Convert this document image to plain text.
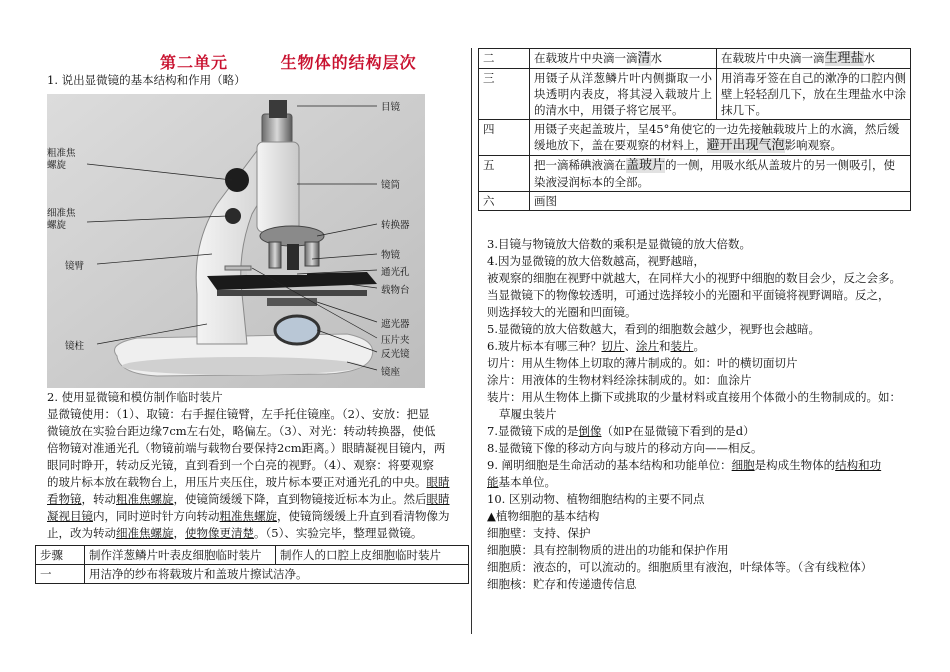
第二单元        生物体的结构层次
1. 说出显微镜的基本结构和作用（略）
目镜
粗准焦螺旋
细准焦螺旋
镜筒
转换器
镜臂
物镜
通光孔
载物台
遮光器
压片夹
反光镜
镜柱
镜座
2. 使用显微镜和模仿制作临时装片
显微镜使用：（1）、取镜：右手握住镜臂，左手托住镜座。（2）、安放：把显
微镜放在实验台距边缘7cm左右处，略偏左。（3）、对光：转动转换器，使低
倍物镜对准通光孔（物镜前端与载物台要保持2cm距离。）眼睛凝视目镜内，两
眼同时睁开，转动反光镜，直到看到一个白亮的视野。（4）、观察：将要观察
的玻片标本放在载物台上，用压片夹压住，玻片标本要正对通光孔的中央。眼睛
看物镜，转动粗准焦螺旋，使镜筒缓缓下降，直到物镜接近标本为止。然后眼睛
凝视目镜内，同时逆时针方向转动粗准焦螺旋，使镜筒缓缓上升直到看清物像为
止，改为转动细准焦螺旋，使物像更清楚。（5）、实验完毕，整理显微镜。
步骤	制作洋葱鳞片叶表皮细胞临时装片	制作人的口腔上皮细胞临时装片
一	用洁净的纱布将载玻片和盖玻片擦试洁净。	
二	在载玻片中央滴一滴清水	在载玻片中央滴一滴生理盐水
三	用镊子从洋葱鳞片叶内侧撕取一小块透明内表皮，将其浸入载玻片上的清水中，用镊子将它展平。	用消毒牙签在自己的漱净的口腔内侧壁上轻轻刮几下，放在生理盐水中涂抹几下。
四	用镊子夹起盖玻片，呈45°角使它的一边先接触载玻片上的水滴，然后缓缓地放下，盖在要观察的材料上，避开出现气泡影响观察。	
五	把一滴稀碘液滴在盖玻片的一侧，用吸水纸从盖玻片的另一侧吸引，使染液浸润标本的全部。	
六	画图	
3.目镜与物镜放大倍数的乘积是显微镜的放大倍数。
4.因为显微镜的放大倍数越高，视野越暗，
被观察的细胞在视野中就越大，在同样大小的视野中细胞的数目会少，反之会多。
当显微镜下的物像较透明，可通过选择较小的光圈和平面镜将视野调暗。反之，
则选择较大的光圈和凹面镜。
5.显微镜的放大倍数越大，看到的细胞数会越少，视野也会越暗。
6.玻片标本有哪三种？切片、涂片和装片。
切片：用从生物体上切取的薄片制成的。如：叶的横切面切片
涂片：用液体的生物材料经涂抹制成的。如：血涂片
装片：用从生物体上撕下或挑取的少量材料或直接用个体微小的生物制成的。如：
草履虫装片
7.显微镜下成的是倒像（如P在显微镜下看到的是d）
8.显微镜下像的移动方向与玻片的移动方向——相反。
9. 阐明细胞是生命活动的基本结构和功能单位：细胞是构成生物体的结构和功
能基本单位。
10. 区别动物、植物细胞结构的主要不同点
▲植物细胞的基本结构
细胞壁：支持、保护
细胞膜：具有控制物质的进出的功能和保护作用
细胞质：液态的，可以流动的。细胞质里有液泡，叶绿体等。（含有线粒体）
细胞核：贮存和传递遗传信息
